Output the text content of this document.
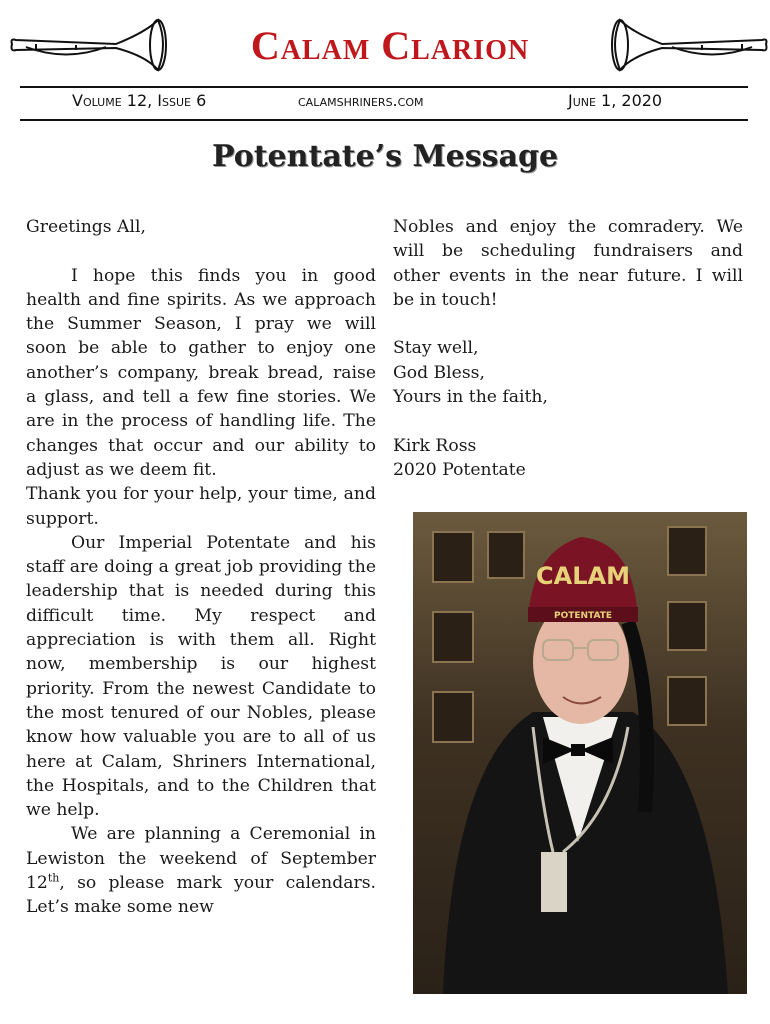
Calam Clarion
Volume 12, Issue 6	calamshriners.com	June 1, 2020
Potentate’s Message

Greetings All,

I hope this finds you in good health and fine spirits. As we approach the Summer Season, I pray we will soon be able to gather to enjoy one another’s company, break bread, raise a glass, and tell a few fine stories. We are in the process of handling life. The changes that occur and our ability to adjust as we deem fit.

Thank you for your help, your time, and support.

Our Imperial Potentate and his staff are doing a great job providing the leadership that is needed during this difficult time. My respect and appreciation is with them all. Right now, membership is our highest priority. From the newest Candidate to the most tenured of our Nobles, please know how valuable you are to all of us here at Calam, Shriners International, the Hospitals, and to the Children that we help.

We are planning a Ceremonial in Lewiston the weekend of September 12th, so please mark your calendars. Let’s make some new

Nobles and enjoy the comradery. We will be scheduling fundraisers and other events in the near future. I will be in touch!

Stay well,

God Bless,

Yours in the faith,

Kirk Ross

2020 Potentate

CALAM
POTENTATE
